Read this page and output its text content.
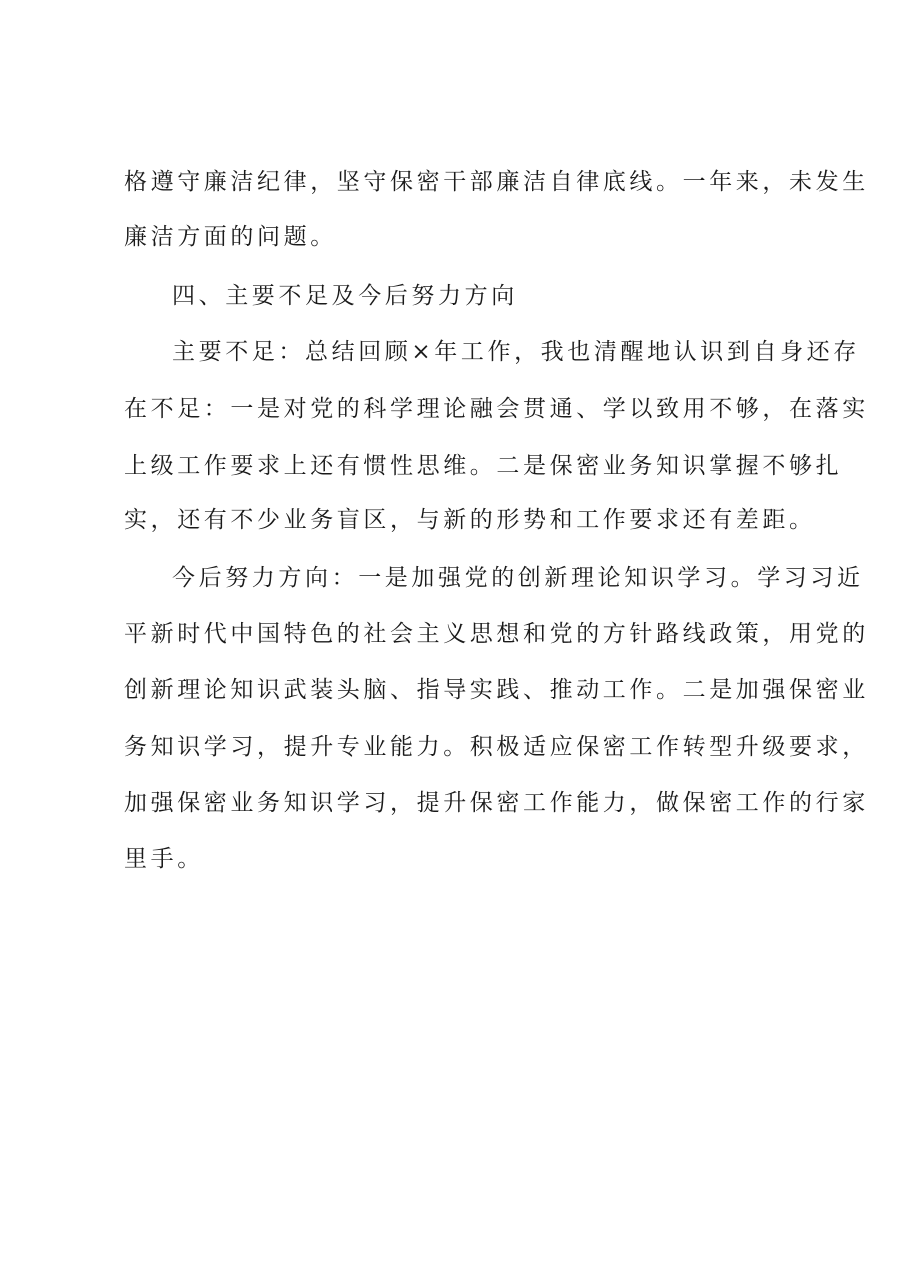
格遵守廉洁纪律，坚守保密干部廉洁自律底线。一年来，未发生
廉洁方面的问题。
四、主要不足及今后努力方向
主要不足：总结回顾×年工作，我也清醒地认识到自身还存
在不足：一是对党的科学理论融会贯通、学以致用不够，在落实
上级工作要求上还有惯性思维。二是保密业务知识掌握不够扎
实，还有不少业务盲区，与新的形势和工作要求还有差距。
今后努力方向：一是加强党的创新理论知识学习。学习习近
平新时代中国特色的社会主义思想和党的方针路线政策，用党的
创新理论知识武装头脑、指导实践、推动工作。二是加强保密业
务知识学习，提升专业能力。积极适应保密工作转型升级要求，
加强保密业务知识学习，提升保密工作能力，做保密工作的行家
里手。
